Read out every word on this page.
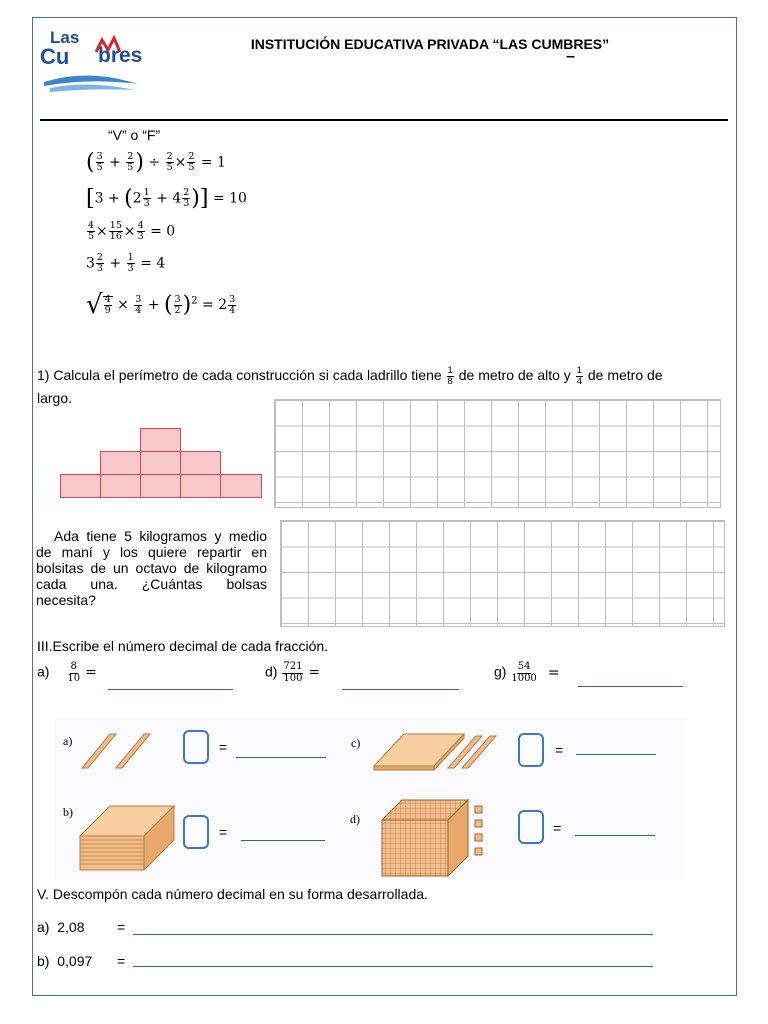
Las
Cu bres	INSTITUCIÓN EDUCATIVA PRIVADA “LAS CUMBRES”
–
“V” o “F”
( $\frac{3}{5} + \frac{2}{5}$ ) ÷ $\frac{2}{5} \times \frac{2}{5} = 1$
[$3 + (2 \frac{1}{3} + 4 \frac{2}{3}$ )] = 10
$\frac{4}{5} \times \frac{15}{16} \times \frac{4}{3} = 0$
$3 \frac{2}{3} + \frac{1}{3} = 4$
√ $\frac{4}{9} \times \frac{3}{4}$ + ( $\frac{3}{2} )^2 = 2 \frac{3}{4}$
1) Calcula el perímetro de cada construcción si cada ladrillo tiene $\frac{1}{8}$ de metro de alto y $\frac{1}{4}$ de metro de
largo.
Ada tiene 5 kilogramos y medio de maní y los quiere repartir en bolsitas de un octavo de kilogramo cada una. ¿Cuántas bolsas necesita?
III.Escribe el número decimal de cada fracción.
$a) \frac{8}{10}$ =	$d) \frac{721}{100}$ =	$g) \frac{54}{1000}$ =
a)	=	c)	=
b)
=
d)
=
V. Descompón cada número decimal en su forma desarrollada.
a) 2,08 =
b) 0,097 =
